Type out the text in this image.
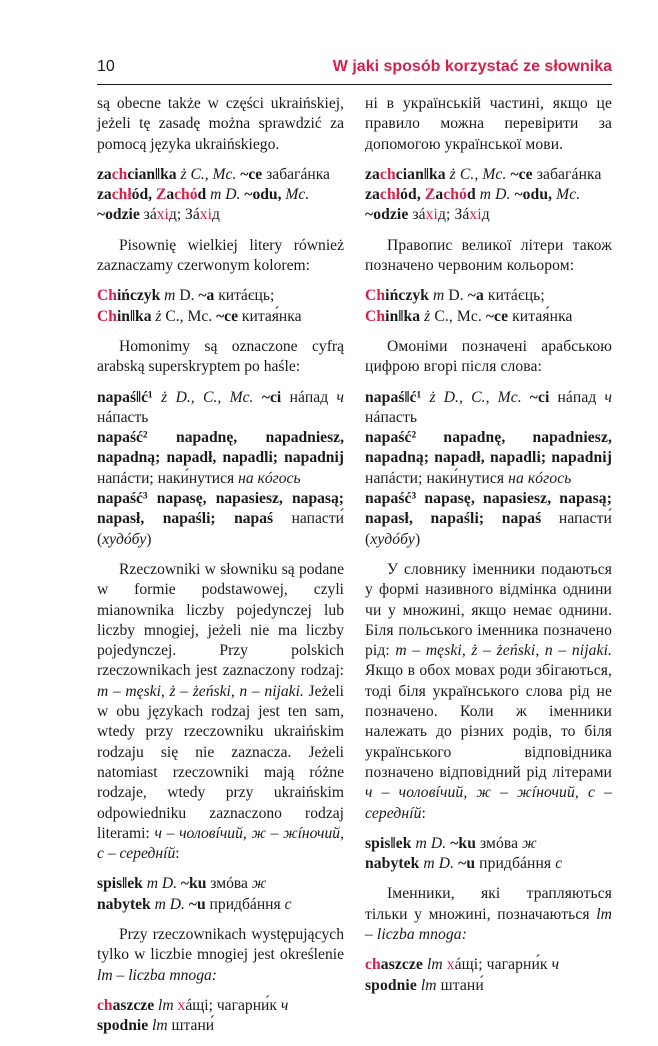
10	W jaki sposób korzystać ze słownika
są obecne także w części ukraińskiej, jeżeli tę zasadę można sprawdzić za pomocą języka ukraińskiego.
zachcian‖ka ż C., Mc. ~ce забагáнка
zachłód, Zachód m D. ~odu, Mc.
~odzie зáхід; Зáхід
Pisownię wielkiej litery również zaznaczamy czerwonym kolorem:
Chińczyk m D. ~a китáєць;
Chin‖ka ż C., Mc. ~ce китая́нка
Homonimy są oznaczone cyfrą arabską superskryptem po haśle:
napaś‖ć¹ ż D., C., Mc. ~ci нáпад ч нáпасть
napaść² napadnę, napadniesz, napadną; napadł, napadli; napadnij напáсти; наки́нутися на кóгось
napaść³ napasę, napasiesz, napasą; napasł, napaśli; napaś напасти́ (худóбу)
Rzeczowniki w słowniku są podane w formie podstawowej, czyli mianownika liczby pojedynczej lub liczby mnogiej, jeżeli nie ma liczby pojedynczej. Przy polskich rzeczownikach jest zaznaczony rodzaj: m – męski, ż – żeński, n – nijaki. Jeżeli w obu językach rodzaj jest ten sam, wtedy przy rzeczowniku ukraińskim rodzaju się nie zaznacza. Jeżeli natomiast rzeczowniki mają różne rodzaje, wtedy przy ukraińskim odpowiedniku zaznaczono rodzaj literami: ч – чоловíчий, ж – жíночий, с – середнíй:
spis‖ek m D. ~ku змóва ж
nabytek m D. ~u придбáння с
Przy rzeczownikach występujących tylko w liczbie mnogiej jest określenie lm – liczba mnoga:
chaszcze lm хáщі; чагарни́к ч
spodnie lm штани́
ні в українській частині, якщо це правило можна перевірити за допомогою української мови.
zachcian‖ka ż C., Mc. ~ce забагáнка
zachłód, Zachód m D. ~odu, Mc.
~odzie зáхід; Зáхід
Правопис великої літери також позначено червоним кольором:
Chińczyk m D. ~a китáєць;
Chin‖ka ż C., Mc. ~ce китая́нка
Омоніми позначені арабською цифрою вгорі після слова:
napaś‖ć¹ ż D., C., Mc. ~ci нáпад ч нáпасть
napaść² napadnę, napadniesz, napadną; napadł, napadli; napadnij напáсти; наки́нутися на кóгось
napaść³ napasę, napasiesz, napasą; napasł, napaśli; napaś напасти́ (худóбу)
У словнику іменники подаються у формі називного відмінка однини чи у множині, якщо немає однини. Біля польського іменника позначено рід: m – męski, ż – żeński, n – nijaki. Якщо в обох мовах роди збігаються, тоді біля українського слова рід не позначено. Коли ж іменники належать до різних родів, то біля українського відповідника позначено відповідний рід літерами ч – чоловíчий, ж – жíночий, с – середнíй:
spis‖ek m D. ~ku змóва ж
nabytek m D. ~u придбáння с
Іменники, які трапляються тільки у множині, позначаються lm – liczba mnoga:
chaszcze lm хáщі; чагарни́к ч
spodnie lm штани́
